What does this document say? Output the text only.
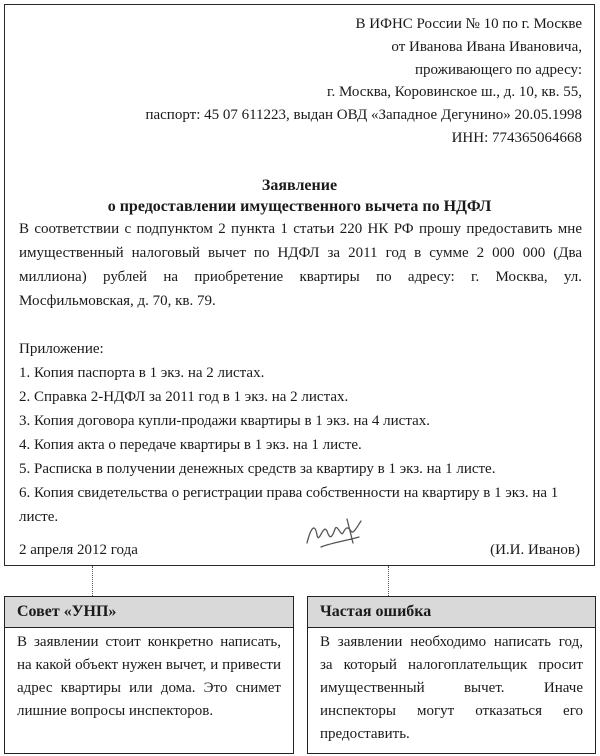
В ИФНС России № 10 по г. Москве
от Иванова Ивана Ивановича,
проживающего по адресу:
г. Москва, Коровинское ш., д. 10, кв. 55,
паспорт: 45 07 611223, выдан ОВД «Западное Дегунино» 20.05.1998
ИНН: 774365064668
Заявление
о предоставлении имущественного вычета по НДФЛ
В соответствии с подпунктом 2 пункта 1 статьи 220 НК РФ прошу предоставить мне имущественный налоговый вычет по НДФЛ за 2011 год в сумме 2 000 000 (Два миллиона) рублей на приобретение квартиры по адресу: г. Москва, ул. Мосфильмовская, д. 70, кв. 79.
Приложение:
1. Копия паспорта в 1 экз. на 2 листах.
2. Справка 2-НДФЛ за 2011 год в 1 экз. на 2 листах.
3. Копия договора купли-продажи квартиры в 1 экз. на 4 листах.
4. Копия акта о передаче квартиры в 1 экз. на 1 листе.
5. Расписка в получении денежных средств за квартиру в 1 экз. на 1 листе.
6. Копия свидетельства о регистрации права собственности на квартиру в 1 экз. на 1 листе.
2 апреля 2012 года	(И.И. Иванов)
Совет «УНП»
В заявлении стоит конкретно написать, на какой объект нужен вычет, и привести адрес квартиры или дома. Это снимет лишние вопросы инспекторов.
Частая ошибка
В заявлении необходимо написать год, за который налогоплательщик просит имущественный вычет. Иначе инспекторы могут отказаться его предоставить.
